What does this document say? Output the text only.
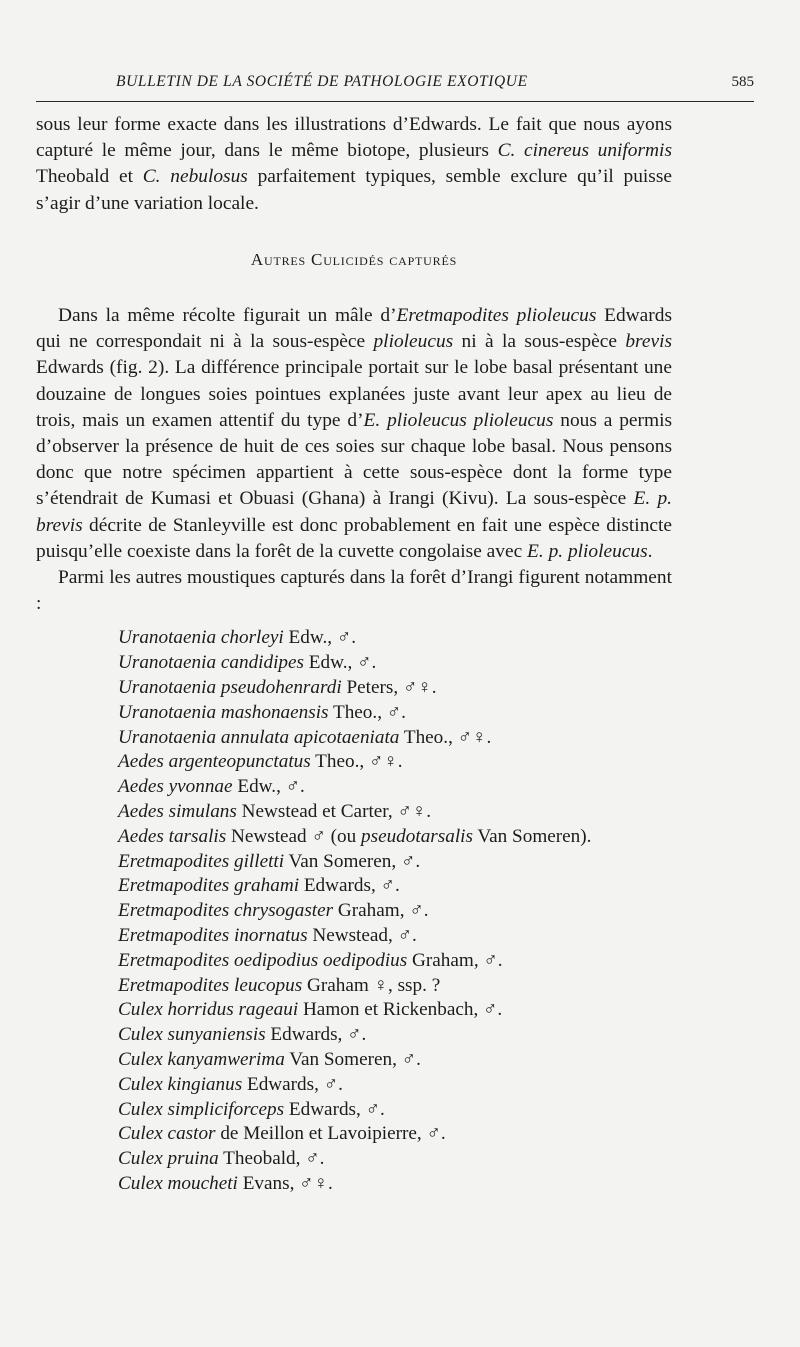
BULLETIN DE LA SOCIÉTÉ DE PATHOLOGIE EXOTIQUE	585

sous leur forme exacte dans les illustrations d’Edwards. Le fait que nous ayons capturé le même jour, dans le même biotope, plusieurs C. cinereus uniformis Theobald et C. nebulosus parfaitement typiques, semble exclure qu’il puisse s’agir d’une variation locale.

Autres Culicidés capturés

Dans la même récolte figurait un mâle d’Eretmapodites plioleucus Edwards qui ne correspondait ni à la sous-espèce plioleucus ni à la sous-espèce brevis Edwards (fig. 2). La différence principale portait sur le lobe basal présentant une douzaine de longues soies pointues explanées juste avant leur apex au lieu de trois, mais un examen attentif du type d’E. plioleucus plioleucus nous a permis d’observer la présence de huit de ces soies sur chaque lobe basal. Nous pensons donc que notre spécimen appartient à cette sous-espèce dont la forme type s’étendrait de Kumasi et Obuasi (Ghana) à Irangi (Kivu). La sous-espèce E. p. brevis décrite de Stanleyville est donc probablement en fait une espèce distincte puisqu’elle coexiste dans la forêt de la cuvette congolaise avec E. p. plioleucus.

Parmi les autres moustiques capturés dans la forêt d’Irangi figurent notamment :

Uranotaenia chorleyi Edw., ♂.
Uranotaenia candidipes Edw., ♂.
Uranotaenia pseudohenrardi Peters, ♂♀.
Uranotaenia mashonaensis Theo., ♂.
Uranotaenia annulata apicotaeniata Theo., ♂♀.
Aedes argenteopunctatus Theo., ♂♀.
Aedes yvonnae Edw., ♂.
Aedes simulans Newstead et Carter, ♂♀.
Aedes tarsalis Newstead ♂ (ou pseudotarsalis Van Someren).
Eretmapodites gilletti Van Someren, ♂.
Eretmapodites grahami Edwards, ♂.
Eretmapodites chrysogaster Graham, ♂.
Eretmapodites inornatus Newstead, ♂.
Eretmapodites oedipodius oedipodius Graham, ♂.
Eretmapodites leucopus Graham ♀, ssp. ?
Culex horridus rageaui Hamon et Rickenbach, ♂.
Culex sunyaniensis Edwards, ♂.
Culex kanyamwerima Van Someren, ♂.
Culex kingianus Edwards, ♂.
Culex simpliciforceps Edwards, ♂.
Culex castor de Meillon et Lavoipierre, ♂.
Culex pruina Theobald, ♂.
Culex moucheti Evans, ♂♀.
